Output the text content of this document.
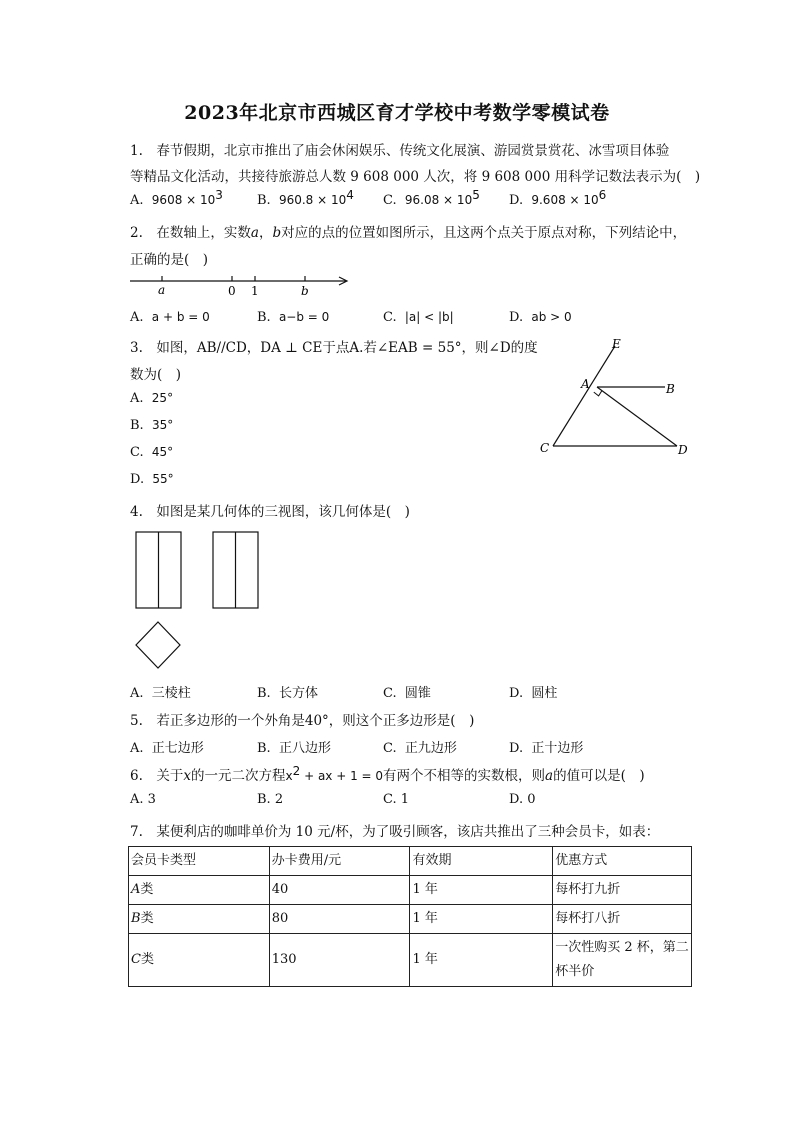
2023年北京市西城区育才学校中考数学零模试卷
1.　春节假期，北京市推出了庙会休闲娱乐、传统文化展演、游园赏景赏花、冰雪项目体验
等精品文化活动，共接待旅游总人数 9 608 000 人次，将 9 608 000 用科学记数法表示为(　)
A. $9608 \times 10^3$	B. $960.8 \times 10^4$ C. $96.08 \times 10^5$ D. $9.608 \times 10^6$
2.　在数轴上，实数a，b对应的点的位置如图所示，且这两个点关于原点对称，下列结论中，
正确的是(　)
a	0 1	b
A. a + b = 0	B. a−b = 0	C. |a| < |b|	D. ab > 0
3.　如图，AB//CD，DA ⊥ CE于点A.若∠EAB = 55°，则∠D的度
数为(　)
A. 25°
B. 35°
C. 45°
D. 55°
E
A	B
C	D
4.　如图是某几何体的三视图，该几何体是(　)
A. 三棱柱	B. 长方体	C. 圆锥	D. 圆柱
5.　若正多边形的一个外角是40°，则这个正多边形是(　)
A. 正七边形	B. 正八边形	C. 正九边形	D. 正十边形
6.　关于x的一元二次方程$x^2$ + ax + 1 = 0有两个不相等的实数根，则a的值可以是(　)
A. 3	B. 2	C. 1	D. 0
7.　某便利店的咖啡单价为 10 元/杯，为了吸引顾客，该店共推出了三种会员卡，如表：
会员卡类型	办卡费用/元	有效期	优惠方式
A类	40	1 年	每杯打九折
B类	80	1 年	每杯打八折
C类	130	1 年	一次性购买 2 杯，第二杯半价
